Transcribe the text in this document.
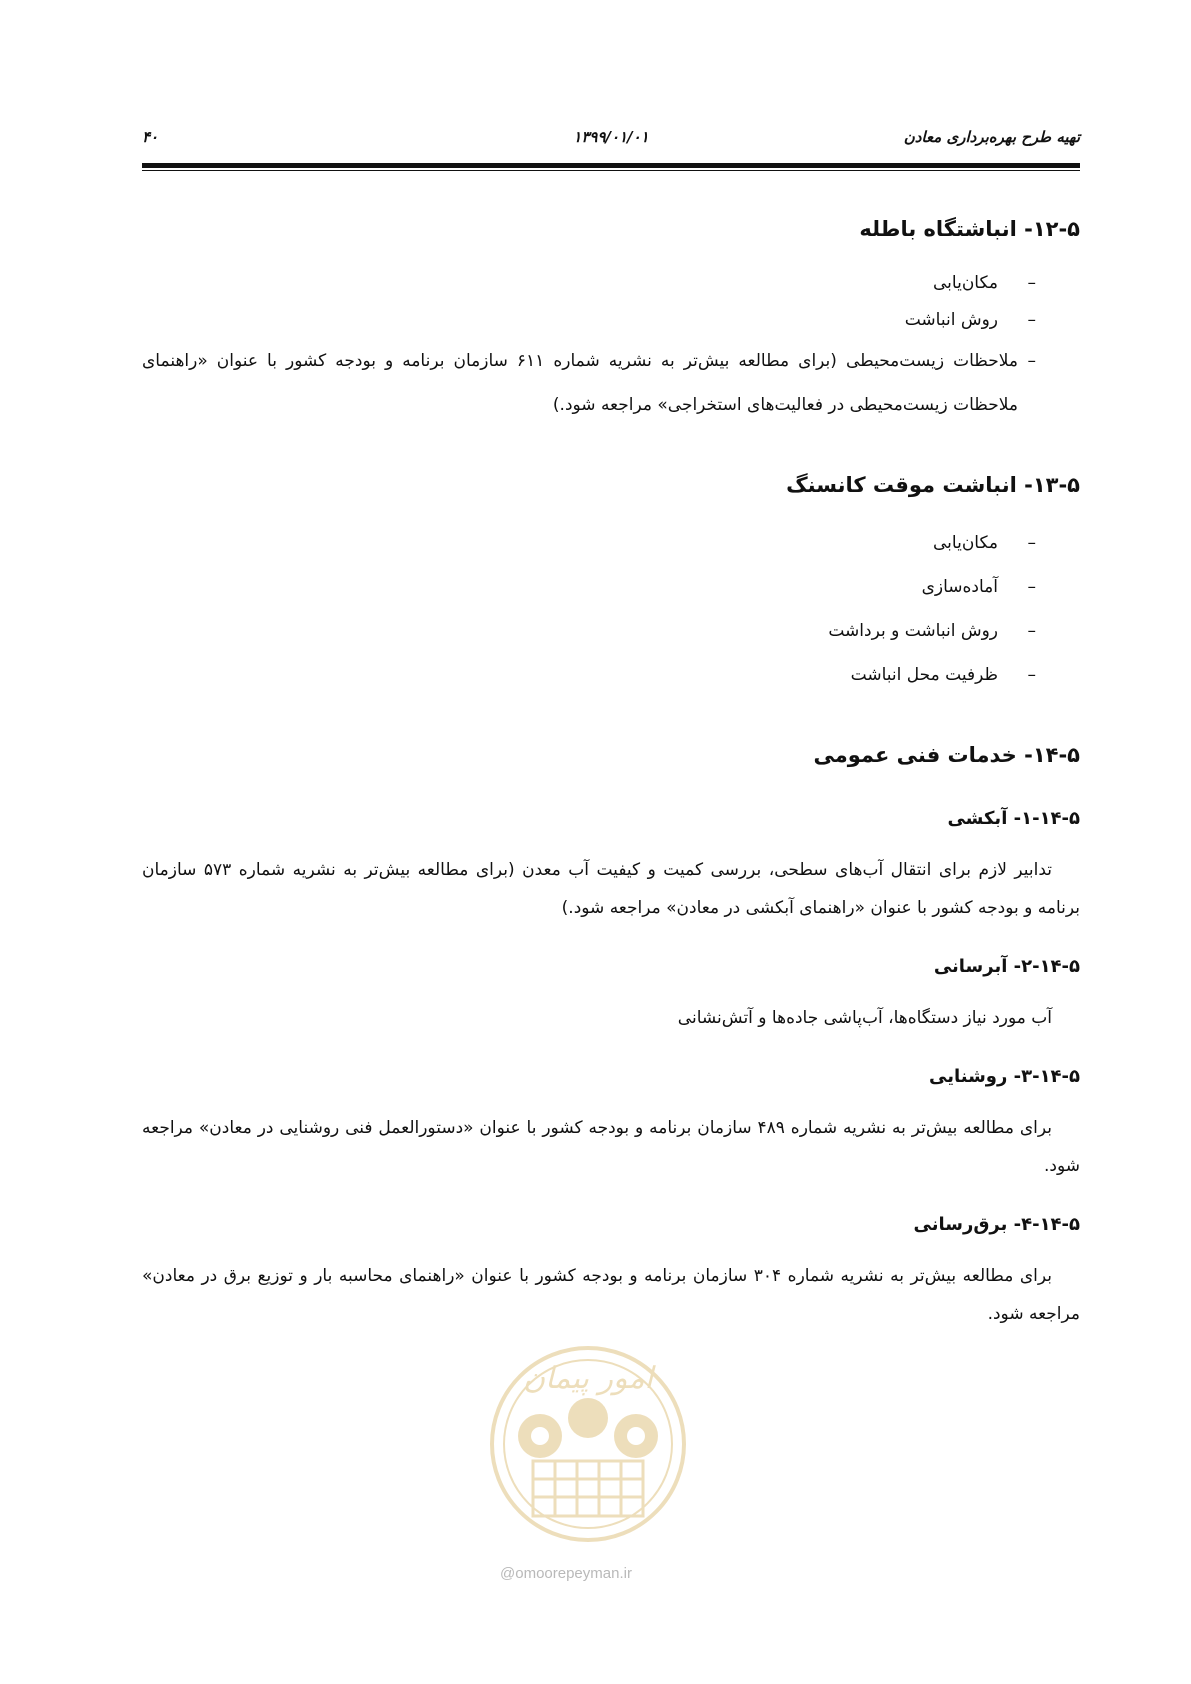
تهیه طرح بهره‌برداری معادن
۱۳۹۹/۰۱/۰۱
۴۰
۱۲-۵- انباشتگاه باطله
–
مکان‌یابی
–
روش انباشت
–
ملاحظات زیست‌محیطی (برای مطالعه بیش‌تر به نشریه شماره ۶۱۱ سازمان برنامه و بودجه کشور با عنوان «راهنمای ملاحظات زیست‌محیطی در فعالیت‌های استخراجی» مراجعه شود.)
۱۳-۵- انباشت موقت کانسنگ
–
مکان‌یابی
–
آماده‌سازی
–
روش انباشت و برداشت
–
ظرفیت محل انباشت
۱۴-۵- خدمات فنی عمومی
۱-۱۴-۵- آبکشی

تدابیر لازم برای انتقال آب‌های سطحی، بررسی کمیت و کیفیت آب معدن (برای مطالعه بیش‌تر به نشریه شماره ۵۷۳ سازمان برنامه و بودجه کشور با عنوان «راهنمای آبکشی در معادن» مراجعه شود.)

۲-۱۴-۵- آبرسانی

آب مورد نیاز دستگاه‌ها، آب‌پاشی جاده‌ها و آتش‌نشانی

۳-۱۴-۵- روشنایی

برای مطالعه بیش‌تر به نشریه شماره ۴۸۹ سازمان برنامه و بودجه کشور با عنوان «دستورالعمل فنی روشنایی در معادن» مراجعه شود.

۴-۱۴-۵- برق‌رسانی

برای مطالعه بیش‌تر به نشریه شماره ۳۰۴ سازمان برنامه و بودجه کشور با عنوان «راهنمای محاسبه بار و توزیع برق در معادن» مراجعه شود.

امور پیمان
@omoorepeyman.ir
